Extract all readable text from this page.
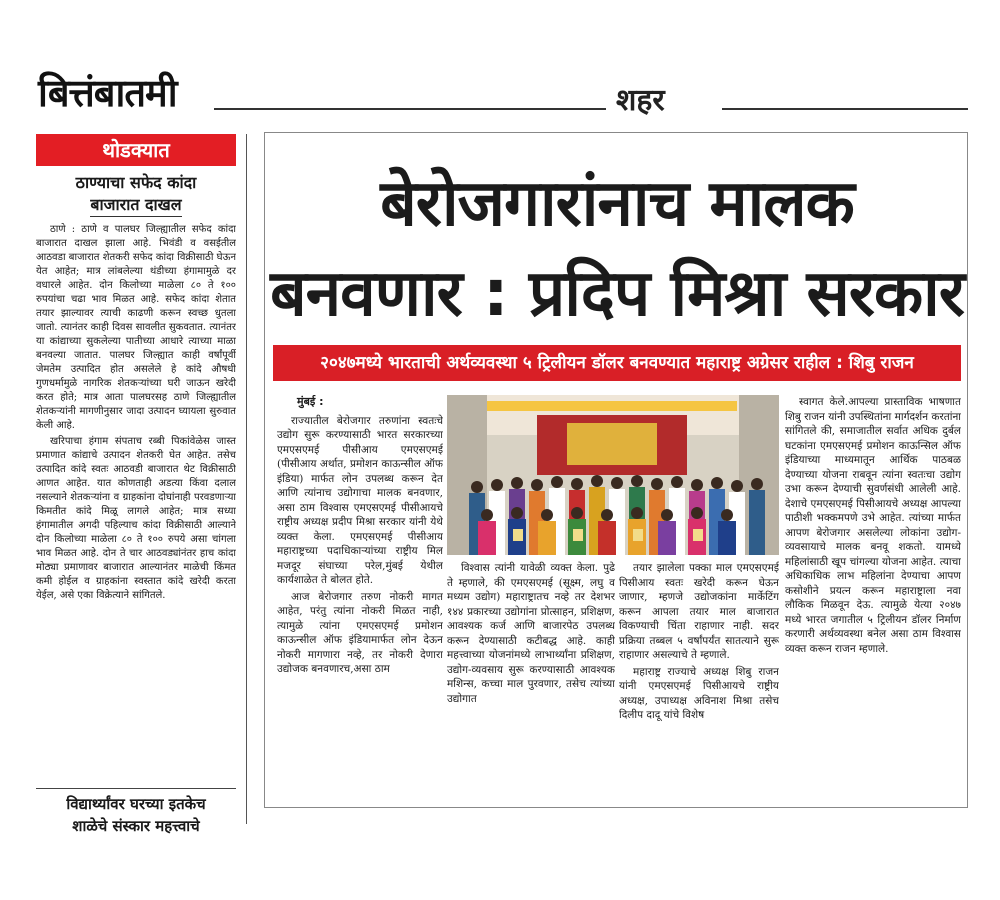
बित्तंबातमी	शहर
थोडक्यात
ठाण्याचा सफेद कांदा
बाजारात दाखल

ठाणे : ठाणे व पालघर जिल्ह्यातील सफेद कांदा बाजारात दाखल झाला आहे. भिवंडी व वसईतील आठवडा बाजारात शेतकरी सफेद कांदा विक्रीसाठी घेऊन येत आहेत; मात्र लांबलेल्या थंडीच्या हंगामामुळे दर वधारले आहेत. दोन किलोच्या माळेला ८० ते १०० रुपयांचा चढा भाव मिळत आहे. सफेद कांदा शेतात तयार झाल्यावर त्याची काढणी करून स्वच्छ धुतला जातो. त्यानंतर काही दिवस सावलीत सुकवतात. त्यानंतर या कांद्याच्या सुकलेल्या पातीच्या आधारे त्याच्या माळा बनवल्या जातात. पालघर जिल्ह्यात काही वर्षांपूर्वी जेमतेम उत्पादित होत असलेले हे कांदे औषधी गुणधर्मामुळे नागरिक शेतकऱ्यांच्या घरी जाऊन खरेदी करत होते; मात्र आता पालघरसह ठाणे जिल्ह्यातील शेतकऱ्यांनी मागणीनुसार जादा उत्पादन घ्यायला सुरुवात केली आहे.

खरिपाचा हंगाम संपताच रब्बी पिकांवेळेस जास्त प्रमाणात कांद्याचे उत्पादन शेतकरी घेत आहेत. तसेच उत्पादित कांदे स्वतः आठवडी बाजारात थेट विक्रीसाठी आणत आहेत. यात कोणताही अडत्या किंवा दलाल नसल्याने शेतकऱ्यांना व ग्राहकांना दोघांनाही परवडणाऱ्या किमतीत कांदे मिळू लागले आहेत; मात्र सध्या हंगामातील अगदी पहिल्याच कांदा विक्रीसाठी आल्याने दोन किलोच्या माळेला ८० ते १०० रुपये असा चांगला भाव मिळत आहे. दोन ते चार आठवड्यांनंतर हाच कांदा मोठ्या प्रमाणावर बाजारात आल्यानंतर माळेची किंमत कमी होईल व ग्राहकांना स्वस्तात कांदे खरेदी करता येईल, असे एका विक्रेत्याने सांगितले.

विद्यार्थ्यांवर घरच्या इतकेच
शाळेचे संस्कार महत्त्वाचे
बेरोजगारांनाच मालक
बनवणार : प्रदिप मिश्रा सरकार
२०४७मध्ये भारताची अर्थव्यवस्था ५ ट्रिलीयन डॉलर बनवण्यात महाराष्ट्र अग्रेसर राहील : शिबु राजन
मुंबई :

राज्यातील बेरोजगार तरुणांना स्वतःचे उद्योग सुरू करण्यासाठी भारत सरकारच्या एमएसएमई पीसीआय एमएसएमई (पीसीआय अर्थात, प्रमोशन काऊन्सील ऑफ इंडिया) मार्फत लोन उपलब्ध करून देत आणि त्यांनाच उद्योगाचा मालक बनवणार, असा ठाम विश्वास एमएसएमई पीसीआयचे राष्ट्रीय अध्यक्ष प्रदीप मिश्रा सरकार यांनी येथे व्यक्त केला. एमएसएमई पीसीआय महाराष्ट्रच्या पदाधिकाऱ्यांच्या राष्ट्रीय मिल मजदूर संघाच्या परेल,मुंबई येथील कार्यशाळेत ते बोलत होते.

आज बेरोजगार तरुण नोकरी मागत आहेत, परंतु त्यांना नोकरी मिळत नाही, त्यामुळे त्यांना एमएसएमई प्रमोशन काऊन्सील ऑफ इंडियामार्फत लोन देऊन नोकरी मागणारा नव्हे, तर नोकरी देणारा उद्योजक बनवणारच,असा ठाम

विश्वास त्यांनी यावेळी व्यक्त केला. पुढे ते म्हणाले, की एमएसएमई (सूक्ष्म, लघु व मध्यम उद्योग) महाराष्ट्रातच नव्हे तर देशभर १४४ प्रकारच्या उद्योगांना प्रोत्साहन, प्रशिक्षण, आवश्यक कर्ज आणि बाजारपेठ उपलब्ध करून देण्यासाठी कटीबद्ध आहे. काही महत्त्वाच्या योजनांमध्ये लाभार्थ्यांना प्रशिक्षण, उद्योग-व्यवसाय सुरू करण्यासाठी आवश्यक मशिन्स, कच्चा माल पुरवणार, तसेच त्यांच्या उद्योगात

तयार झालेला पक्का माल एमएसएमई पिसीआय स्वतः खरेदी करून घेऊन जाणार, म्हणजे उद्योजकांना मार्केटिंग करून आपला तयार माल बाजारात विकण्याची चिंता राहाणार नाही. सदर प्रक्रिया तब्बल ५ वर्षांपर्यंत सातत्याने सुरू राहाणार असल्याचे ते म्हणाले.

महाराष्ट्र राज्याचे अध्यक्ष शिबु राजन यांनी एमएसएमई पिसीआयचे राष्ट्रीय अध्यक्ष, उपाध्यक्ष अविनाश मिश्रा तसेच दिलीप दादू यांचे विशेष

स्वागत केले.आपल्या प्रास्ताविक भाषणात शिबु राजन यांनी उपस्थितांना मार्गदर्शन करतांना सांगितले की, समाजातील सर्वात अधिक दुर्बल घटकांना एमएसएमई प्रमोशन काऊन्सिल ऑफ इंडियाच्या माध्यमातून आर्थिक पाठबळ देण्याच्या योजना राबवून त्यांना स्वतःचा उद्योग उभा करून देण्याची सुवर्णसंधी आलेली आहे. देशाचे एमएसएमई पिसीआयचे अध्यक्ष आपल्या पाठीशी भक्कमपणे उभे आहेत. त्यांच्या मार्फत आपण बेरोजगार असलेल्या लोकांना उद्योग-व्यवसायाचे मालक बनवू शकतो. यामध्ये महिलांसाठी खूप चांगल्या योजना आहेत. त्याचा अधिकाधिक लाभ महिलांना देण्याचा आपण कसोशीने प्रयत्न करून महाराष्ट्राला नवा लौकिक मिळवून देऊ. त्यामुळे येत्या २०४७ मध्ये भारत जगातील ५ ट्रिलीयन डॉलर निर्माण करणारी अर्थव्यवस्था बनेल असा ठाम विश्वास व्यक्त करून राजन म्हणाले.
